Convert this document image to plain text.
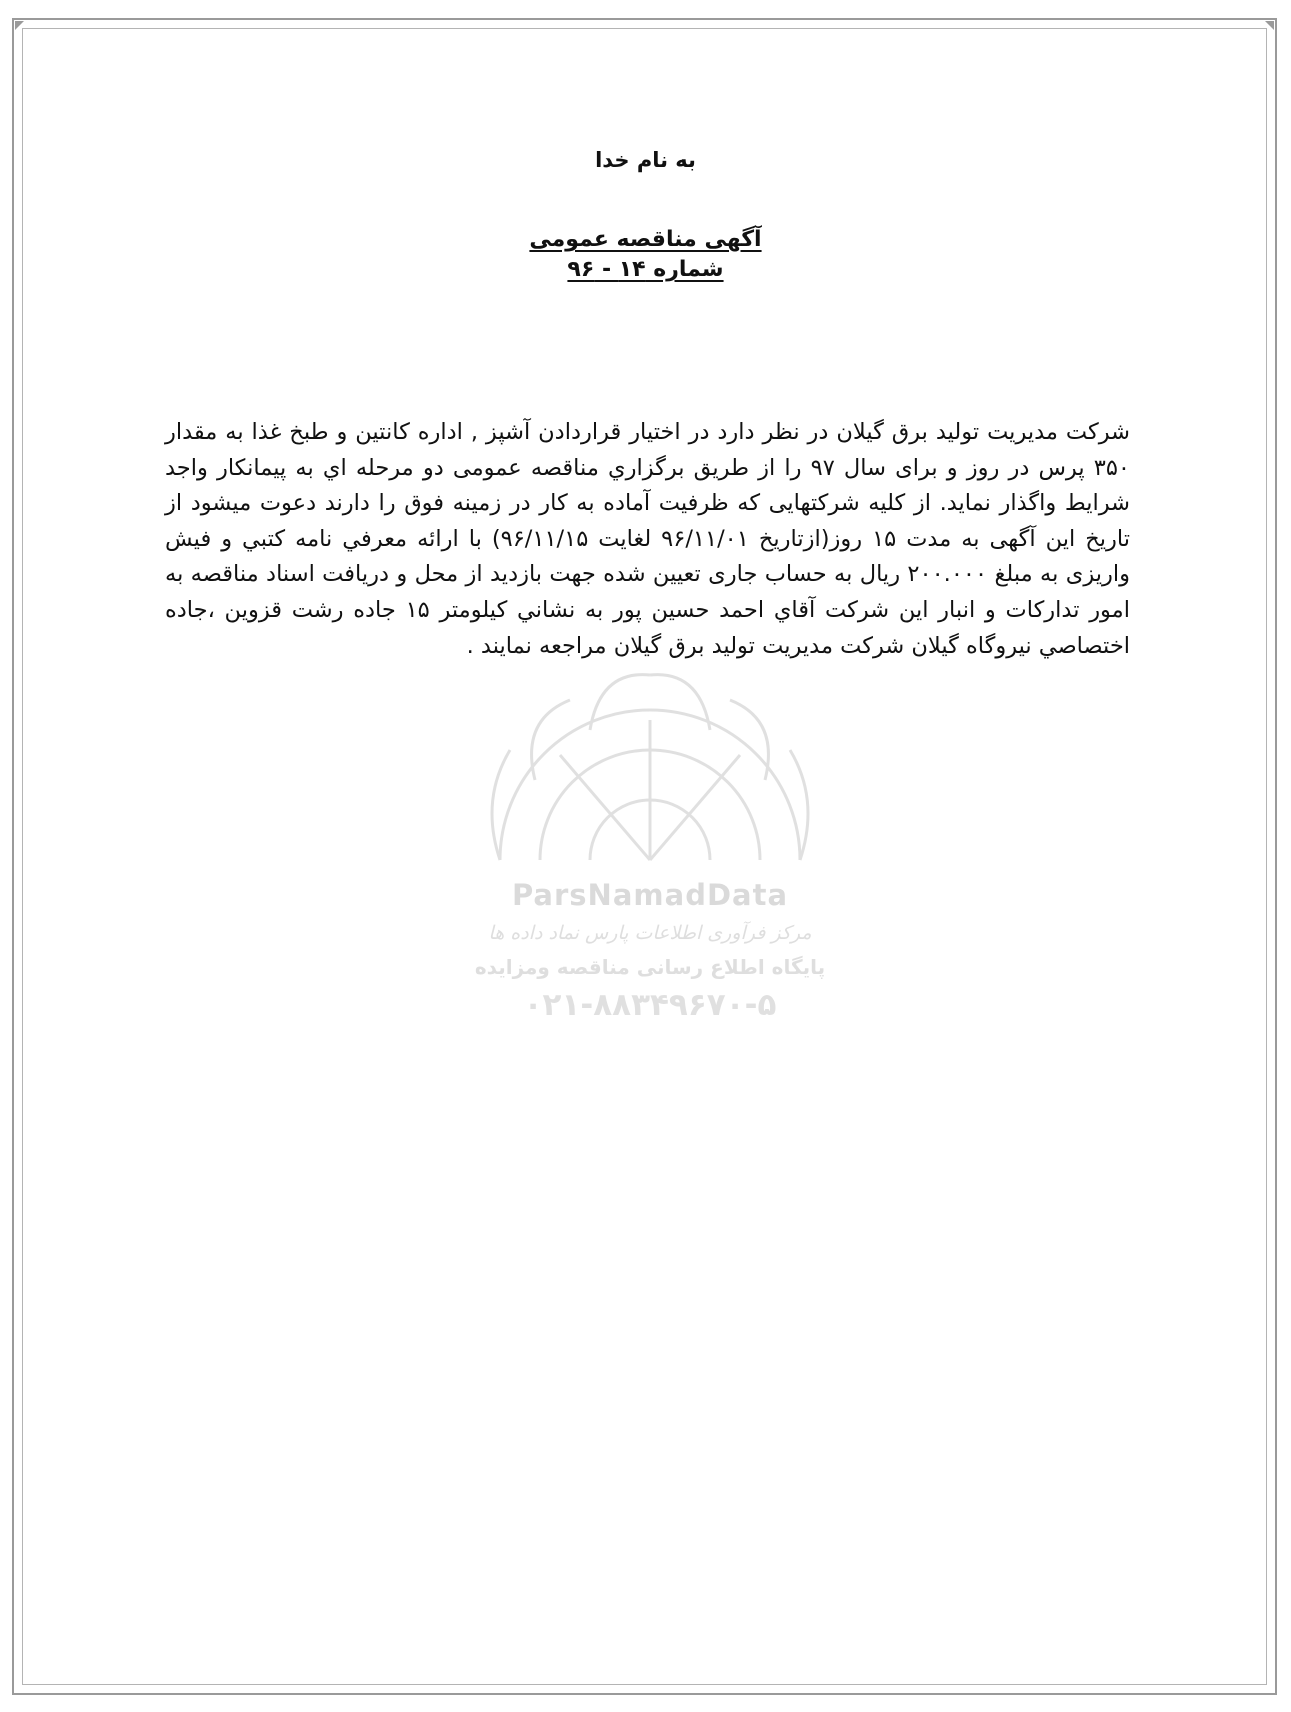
به نام خدا
آگهی مناقصه عمومی
شماره ۱۴ - ۹۶
ParsNamadData
مرکز فرآوری اطلاعات پارس نماد داده ها
پایگاه اطلاع رسانی مناقصه ومزایده
۰۲۱-۸۸۳۴۹۶۷۰-۵
شرکت مدیریت تولید برق گیلان در نظر دارد در اختیار قراردادن آشپز , اداره کانتین و طبخ غذا به مقدار ۳۵۰ پرس در روز و برای سال ۹۷ را از طریق برگزاري مناقصه عمومی دو مرحله اي به پیمانکار واجد شرایط واگذار نماید. از کلیه شرکتهایی که ظرفیت آماده به کار در زمینه فوق را دارند دعوت میشود از تاریخ این آگهی به مدت ۱۵ روز(ازتاریخ ۹۶/۱۱/۰۱ لغایت ۹۶/۱۱/۱۵) با ارائه معرفي نامه کتبي و فیش واریزی به مبلغ ۲۰۰.۰۰۰ ریال به حساب جاری تعیین شده جهت بازدید از محل و دریافت اسناد مناقصه به امور تدارکات و انبار این شرکت آقاي احمد حسین پور به نشاني کیلومتر ۱۵ جاده رشت قزوین ،جاده اختصاصي نیروگاه گیلان شرکت مدیریت تولید برق گیلان مراجعه نمایند .
